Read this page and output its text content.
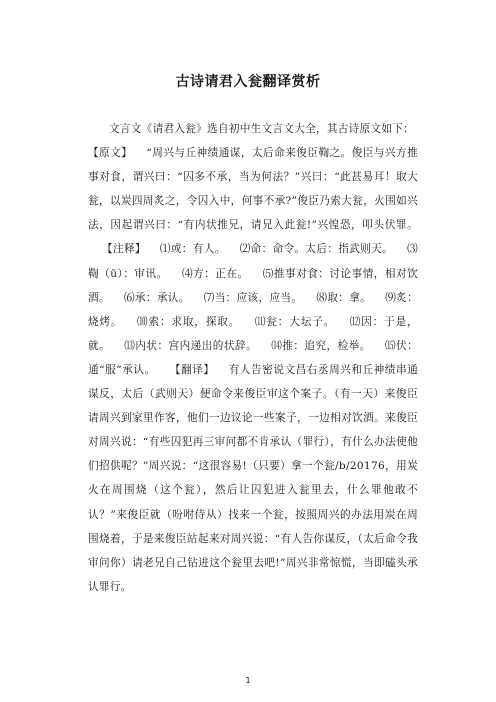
古诗请君入瓮翻译赏析

文言文《请君入瓮》选自初中生文言文大全，其古诗原文如下：

【原文】 “周兴与丘神绩通谋，太后命来俊臣鞫之。俊臣与兴方推事对食，谓兴曰：“囚多不承，当为何法？”兴曰：“此甚易耳！取大瓮，以炭四周炙之，令囚入中，何事不承?”俊臣乃索大瓮，火围如兴法，因起谓兴曰：“有内状推兄，请兄入此瓮!”兴惶恐，叩头伏罪。【注释】 ⑴或：有人。 ⑵命：命令。太后：指武则天。 ⑶鞫（ū）：审讯。 ⑷方：正在。 ⑸推事对食：讨论事情，相对饮酒。 ⑹承：承认。 ⑺当：应该，应当。 ⑻取：拿。 ⑼炙：烧烤。 ⑽索：求取，探取。 ⑾瓮：大坛子。 ⑿因：于是，就。 ⒀内状：宫内递出的状辞。 ⒁推：追究，检举。 ⒂伏：通“服”承认。 【翻译】 有人告密说文昌右丞周兴和丘神绩串通谋反，太后（武则天）便命令来俊臣审这个案子。（有一天）来俊臣请周兴到家里作客，他们一边议论一些案子，一边相对饮酒。来俊臣对周兴说：“有些囚犯再三审问都不肯承认（罪行），有什么办法使他们招供呢？”周兴说：“这很容易!（只要）拿一个瓮/b/20176，用炭火在周围烧（这个瓮），然后让囚犯进入瓮里去，什么罪他敢不认？”来俊臣就（吩咐侍从）找来一个瓮，按照周兴的办法用炭在周围烧着，于是来俊臣站起来对周兴说：“有人告你谋反，（太后命令我审问你）请老兄自己钻进这个瓮里去吧!”周兴非常惊慌，当即磕头承认罪行。

1
